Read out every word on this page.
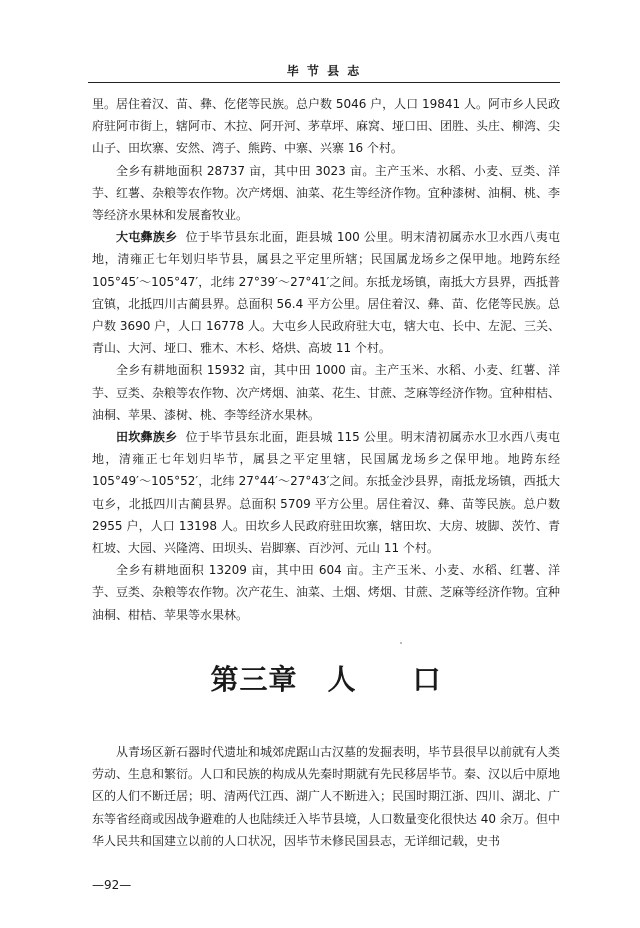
毕 节 县 志

里。居住着汉、苗、彝、仡佬等民族。总户数 5046 户，人口 19841 人。阿市乡人民政府驻阿市街上，辖阿市、木拉、阿开河、茅草坪、麻窝、垭口田、团胜、头庄、柳湾、尖山子、田坎寨、安然、湾子、熊跨、中寨、兴寨 16 个村。

全乡有耕地面积 28737 亩，其中田 3023 亩。主产玉米、水稻、小麦、豆类、洋芋、红薯、杂粮等农作物。次产烤烟、油菜、花生等经济作物。宜种漆树、油桐、桃、李等经济水果林和发展畜牧业。

大屯彝族乡 位于毕节县东北面，距县城 100 公里。明末清初属赤水卫水西八夷屯地，清雍正七年划归毕节县，属县之平定里所辖；民国属龙场乡之保甲地。地跨东经 105°45′～105°47′，北纬 27°39′～27°41′之间。东抵龙场镇，南抵大方县界，西抵普宜镇，北抵四川古蔺县界。总面积 56.4 平方公里。居住着汉、彝、苗、仡佬等民族。总户数 3690 户，人口 16778 人。大屯乡人民政府驻大屯，辖大屯、长中、左泥、三关、青山、大河、垭口、雅木、木杉、烙烘、高坡 11 个村。

全乡有耕地面积 15932 亩，其中田 1000 亩。主产玉米、水稻、小麦、红薯、洋芋、豆类、杂粮等农作物、次产烤烟、油菜、花生、甘蔗、芝麻等经济作物。宜种柑桔、油桐、苹果、漆树、桃、李等经济水果林。

田坎彝族乡 位于毕节县东北面，距县城 115 公里。明末清初属赤水卫水西八夷屯地，清雍正七年划归毕节，属县之平定里辖，民国属龙场乡之保甲地。地跨东经 105°49′～105°52′，北纬 27°44′～27°43′之间。东抵金沙县界，南抵龙场镇，西抵大屯乡，北抵四川古蔺县界。总面积 5709 平方公里。居住着汉、彝、苗等民族。总户数 2955 户，人口 13198 人。田坎乡人民政府驻田坎寨，辖田坎、大房、坡脚、茨竹、青杠坡、大园、兴隆湾、田坝头、岩脚寨、百沙河、元山 11 个村。

全乡有耕地面积 13209 亩，其中田 604 亩。主产玉米、小麦、水稻、红薯、洋芋、豆类、杂粮等农作物。次产花生、油菜、土烟、烤烟、甘蔗、芝麻等经济作物。宜种油桐、柑桔、苹果等水果林。

第三章 人 口

从青场区新石器时代遗址和城郊虎踞山古汉墓的发掘表明，毕节县很早以前就有人类劳动、生息和繁衍。人口和民族的构成从先秦时期就有先民移居毕节。秦、汉以后中原地区的人们不断迁居；明、清两代江西、湖广人不断进入；民国时期江浙、四川、湖北、广东等省经商或因战争避难的人也陆续迁入毕节县境，人口数量变化很快达 40 余万。但中华人民共和国建立以前的人口状况，因毕节未修民国县志，无详细记载，史书

—92—
